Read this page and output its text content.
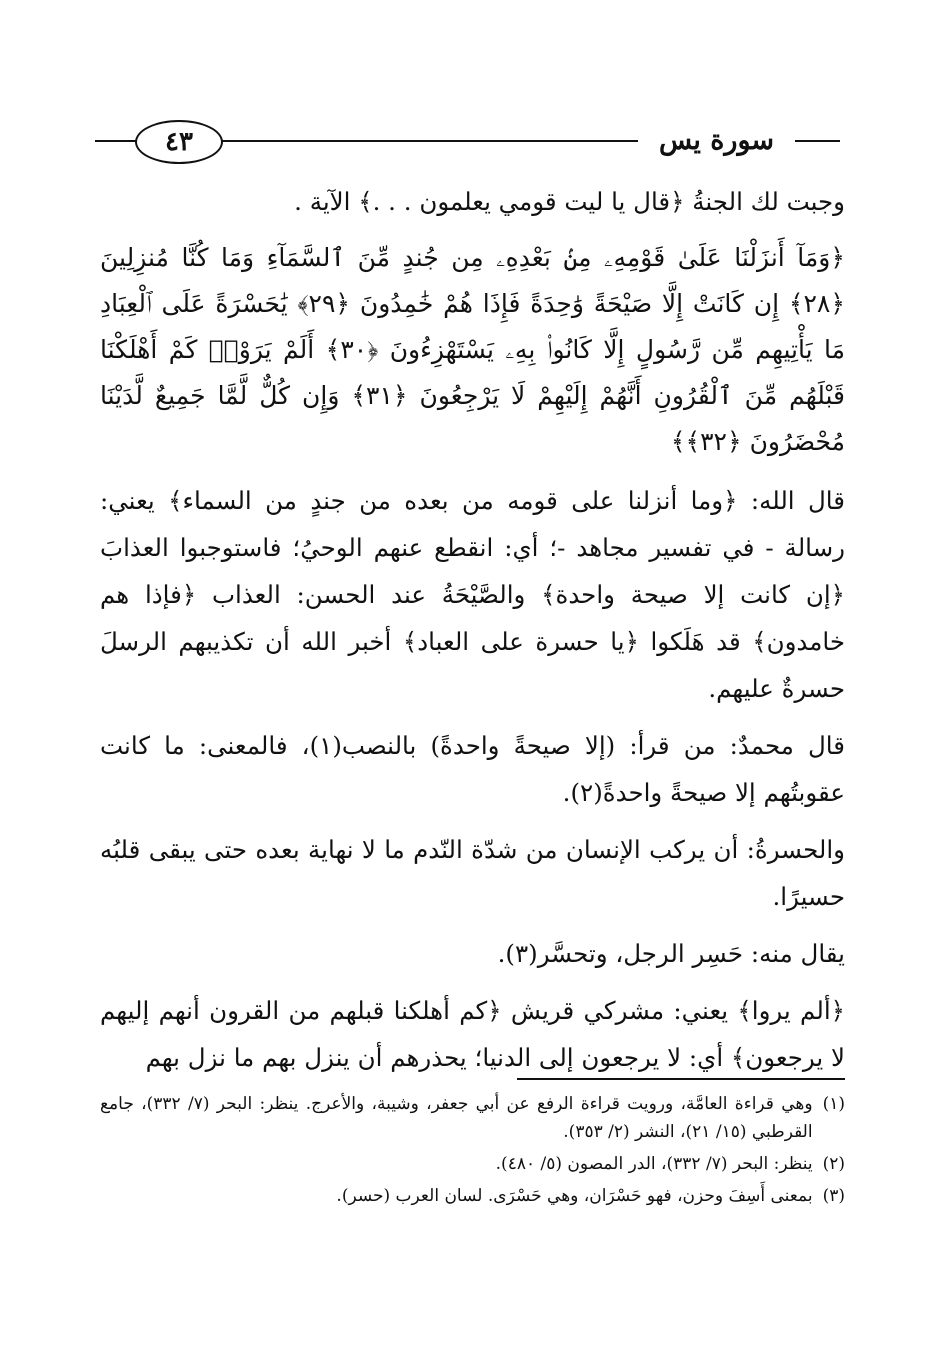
٤٣	سورة يس

وجبت لك الجنةُ ﴿قال يا ليت قومي يعلمون . . .﴾ الآية .

﴿وَمَآ أَنزَلْنَا عَلَىٰ قَوْمِهِۦ مِنۢ بَعْدِهِۦ مِن جُندٍ مِّنَ ٱلسَّمَآءِ وَمَا كُنَّا مُنزِلِينَ ﴿٢٨﴾ إِن كَانَتْ إِلَّا صَيْحَةً وَٰحِدَةً فَإِذَا هُمْ خَٰمِدُونَ ﴿٢٩﴾ يَٰحَسْرَةً عَلَى ٱلْعِبَادِ مَا يَأْتِيهِم مِّن رَّسُولٍ إِلَّا كَانُوا۟ بِهِۦ يَسْتَهْزِءُونَ ﴿٣٠﴾ أَلَمْ يَرَوْا۟ كَمْ أَهْلَكْنَا قَبْلَهُم مِّنَ ٱلْقُرُونِ أَنَّهُمْ إِلَيْهِمْ لَا يَرْجِعُونَ ﴿٣١﴾ وَإِن كُلٌّ لَّمَّا جَمِيعٌ لَّدَيْنَا مُحْضَرُونَ ﴿٣٢﴾﴾

قال الله: ﴿وما أنزلنا على قومه من بعده من جندٍ من السماء﴾ يعني: رسالة - في تفسير مجاهد -؛ أي: انقطع عنهم الوحيُ؛ فاستوجبوا العذابَ ﴿إن كانت إلا صيحة واحدة﴾ والصَّيْحَةُ عند الحسن: العذاب ﴿فإذا هم خامدون﴾ قد هَلَكوا ﴿يا حسرة على العباد﴾ أخبر الله أن تكذيبهم الرسلَ حسرةٌ عليهم.

قال محمدٌ: من قرأ: (إلا صيحةً واحدةً) بالنصب(١)، فالمعنى: ما كانت عقوبتُهم إلا صيحةً واحدةً(٢).

والحسرةُ: أن يركب الإنسان من شدّة النّدم ما لا نهاية بعده حتى يبقى قلبُه حسيرًا.

يقال منه: حَسِر الرجل، وتحسَّر(٣).

﴿ألم يروا﴾ يعني: مشركي قريش ﴿كم أهلكنا قبلهم من القرون أنهم إليهم لا يرجعون﴾ أي: لا يرجعون إلى الدنيا؛ يحذرهم أن ينزل بهم ما نزل بهم

(١)
وهي قراءة العامَّة، ورويت قراءة الرفع عن أبي جعفر، وشيبة، والأعرج. ينظر: البحر (٧/ ٣٣٢)، جامع القرطبي (١٥/ ٢١)، النشر (٢/ ٣٥٣).
(٢)
ينظر: البحر (٧/ ٣٣٢)، الدر المصون (٥/ ٤٨٠).
(٣)
بمعنى أَسِفَ وحزن، فهو حَسْرَان، وهي حَسْرَى. لسان العرب (حسر).
